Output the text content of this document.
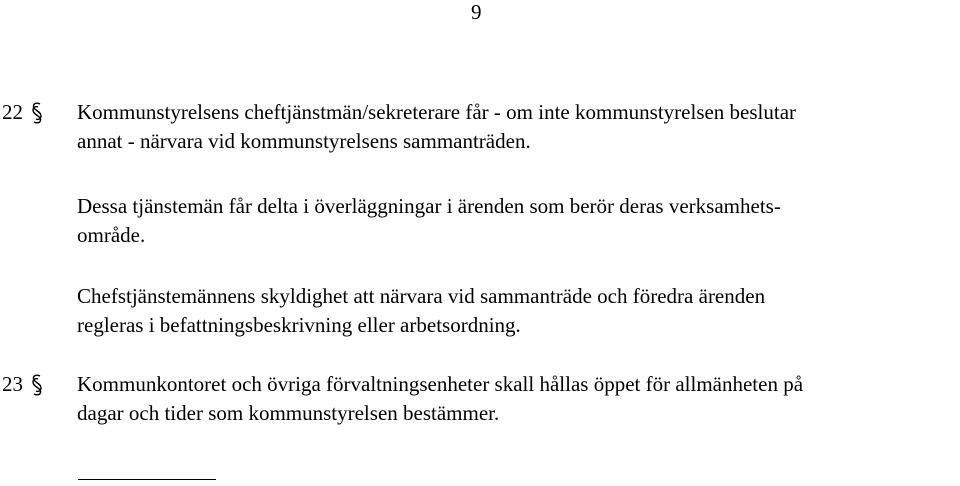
9
22	Kommunstyrelsens cheftjänstmän/sekreterare får - om inte kommunstyrelsen beslutar
annat - närvara vid kommunstyrelsens sammanträden.

Dessa tjänstemän får delta i överläggningar i ärenden som berör deras verksamhets-
område.

Chefstjänstemännens skyldighet att närvara vid sammanträde och föredra ärenden
regleras i befattningsbeskrivning eller arbetsordning.

23	Kommunkontoret och övriga förvaltningsenheter skall hållas öppet för allmänheten på
dagar och tider som kommunstyrelsen bestämmer.
